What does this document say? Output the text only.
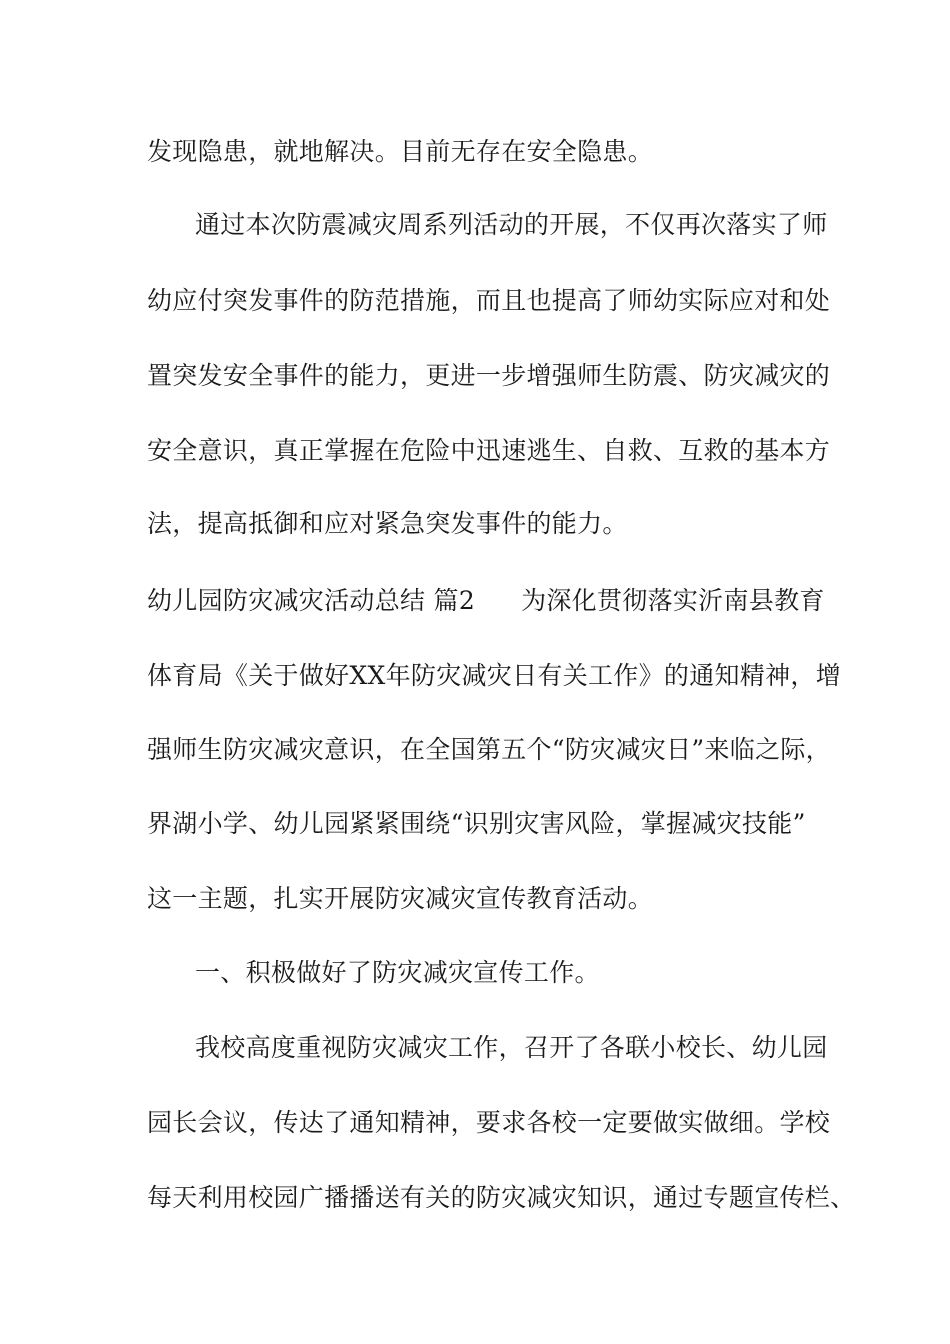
发现隐患，就地解决。目前无存在安全隐患。
通过本次防震减灾周系列活动的开展，不仅再次落实了师
幼应付突发事件的防范措施，而且也提高了师幼实际应对和处
置突发安全事件的能力，更进一步增强师生防震、防灾减灾的
安全意识，真正掌握在危险中迅速逃生、自救、互救的基本方
法，提高抵御和应对紧急突发事件的能力。
幼儿园防灾减灾活动总结 篇2 为深化贯彻落实沂南县教育
体育局《关于做好XX年防灾减灾日有关工作》的通知精神，增
强师生防灾减灾意识，在全国第五个“防灾减灾日”来临之际，
界湖小学、幼儿园紧紧围绕“识别灾害风险，掌握减灾技能”
这一主题，扎实开展防灾减灾宣传教育活动。
一、积极做好了防灾减灾宣传工作。
我校高度重视防灾减灾工作，召开了各联小校长、幼儿园
园长会议，传达了通知精神，要求各校一定要做实做细。学校
每天利用校园广播播送有关的防灾减灾知识，通过专题宣传栏、
